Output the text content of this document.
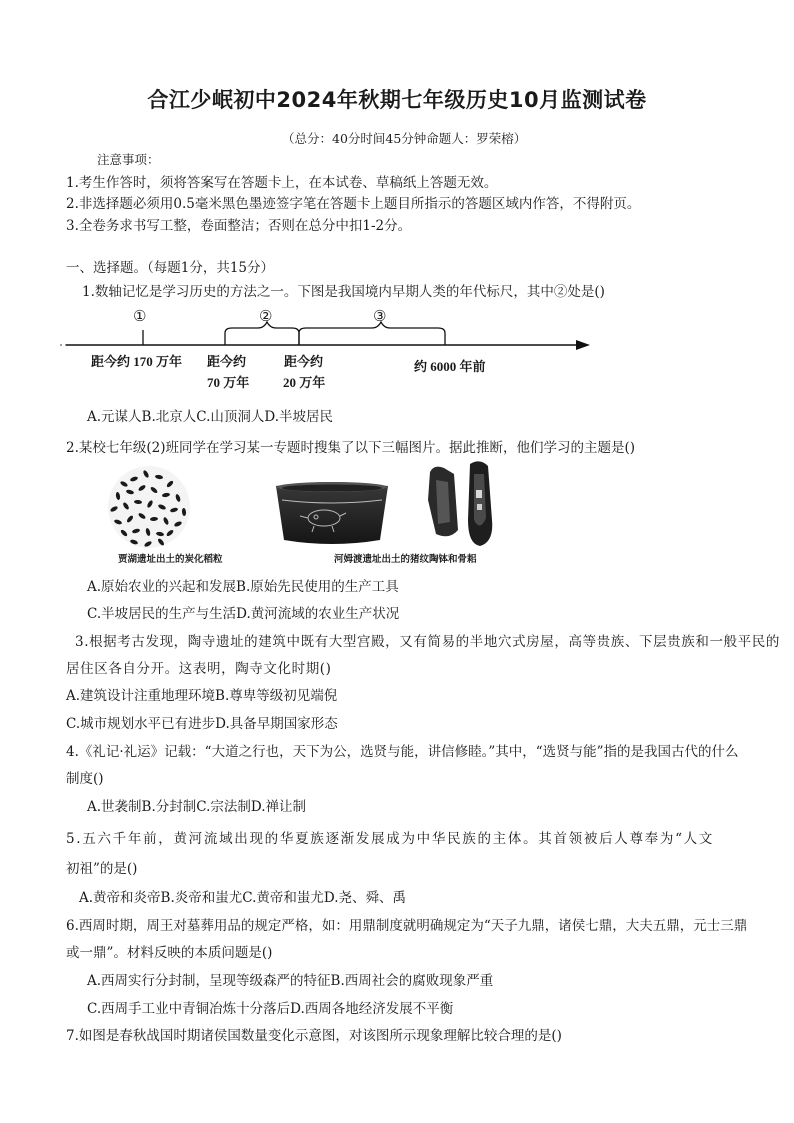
合江少岷初中2024年秋期七年级历史10月监测试卷
（总分：40分时间45分钟命题人：罗荣榕）
注意事项：
1.考生作答时，须将答案写在答题卡上，在本试卷、草稿纸上答题无效。
2.非选择题必须用0.5毫米黑色墨迹签字笔在答题卡上题目所指示的答题区域内作答，不得附页。
3.全卷务求书写工整，卷面整洁；否则在总分中扣1-2分。
一、选择题。（每题1分，共15分）
1.数轴记忆是学习历史的方法之一。下图是我国境内早期人类的年代标尺，其中②处是()
①	②	③
距今约 170 万年 距今约
70 万年
距今约
20 万年
约 6000 年前
A.元谋人B.北京人C.山顶洞人D.半坡居民
2.某校七年级(2)班同学在学习某一专题时搜集了以下三幅图片。据此推断，他们学习的主题是()
贾湖遗址出土的炭化稻粒	河姆渡遗址出土的猪纹陶钵和骨耜
A.原始农业的兴起和发展B.原始先民使用的生产工具
C.半坡居民的生产与生活D.黄河流域的农业生产状况
3.根据考古发现，陶寺遗址的建筑中既有大型宫殿，又有简易的半地穴式房屋，高等贵族、下层贵族和一般平民的
居住区各自分开。这表明，陶寺文化时期()
A.建筑设计注重地理环境B.尊卑等级初见端倪
C.城市规划水平已有进步D.具备早期国家形态
4.《礼记·礼运》记载：“大道之行也，天下为公，选贤与能，讲信修睦。”其中，“选贤与能”指的是我国古代的什么
制度()
A.世袭制B.分封制C.宗法制D.禅让制
5.五六千年前，黄河流域出现的华夏族逐渐发展成为中华民族的主体。其首领被后人尊奉为“人文
初祖”的是()
A.黄帝和炎帝B.炎帝和蚩尤C.黄帝和蚩尤D.尧、舜、禹
6.西周时期，周王对墓葬用品的规定严格，如：用鼎制度就明确规定为“天子九鼎，诸侯七鼎，大夫五鼎，元士三鼎
或一鼎”。材料反映的本质问题是()
A.西周实行分封制，呈现等级森严的特征B.西周社会的腐败现象严重
C.西周手工业中青铜冶炼十分落后D.西周各地经济发展不平衡
7.如图是春秋战国时期诸侯国数量变化示意图，对该图所示现象理解比较合理的是()
